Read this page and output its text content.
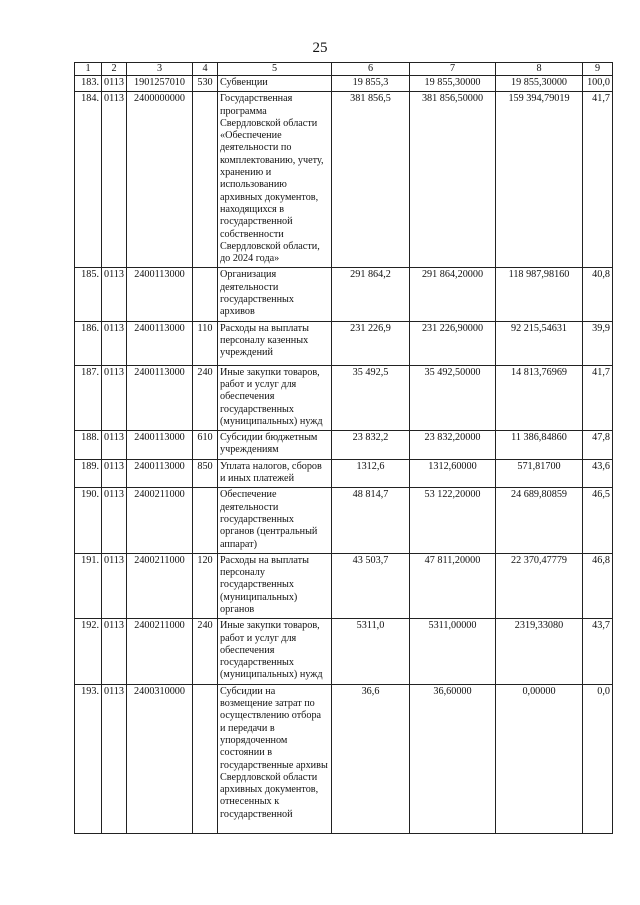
25
1	2	3	4	5	6	7	8	9
183.	0113	1901257010	530	Субвенции	19 855,3	19 855,30000	19 855,30000	100,0
184.	0113	2400000000		Государственная программа Свердловской области «Обеспечение деятельности по комплектованию, учету, хранению и использованию архивных документов, находящихся в государственной собственности Свердловской области, до 2024 года»	381 856,5	381 856,50000	159 394,79019	41,7
185.	0113	2400113000		Организация деятельности государственных архивов	291 864,2	291 864,20000	118 987,98160	40,8
186.	0113	2400113000	110	Расходы на выплаты персоналу казенных учреждений	231 226,9	231 226,90000	92 215,54631	39,9
187.	0113	2400113000	240	Иные закупки товаров, работ и услуг для обеспечения государственных (муниципальных) нужд	35 492,5	35 492,50000	14 813,76969	41,7
188.	0113	2400113000	610	Субсидии бюджетным учреждениям	23 832,2	23 832,20000	11 386,84860	47,8
189.	0113	2400113000	850	Уплата налогов, сборов и иных платежей	1312,6	1312,60000	571,81700	43,6
190.	0113	2400211000		Обеспечение деятельности государственных органов (центральный аппарат)	48 814,7	53 122,20000	24 689,80859	46,5
191.	0113	2400211000	120	Расходы на выплаты персоналу государственных (муниципальных) органов	43 503,7	47 811,20000	22 370,47779	46,8
192.	0113	2400211000	240	Иные закупки товаров, работ и услуг для обеспечения государственных (муниципальных) нужд	5311,0	5311,00000	2319,33080	43,7
193.	0113	2400310000		Субсидии на возмещение затрат по осуществлению отбора и передачи в упорядоченном состоянии в государственные архивы Свердловской области архивных документов, отнесенных к государственной	36,6	36,60000	0,00000	0,0
